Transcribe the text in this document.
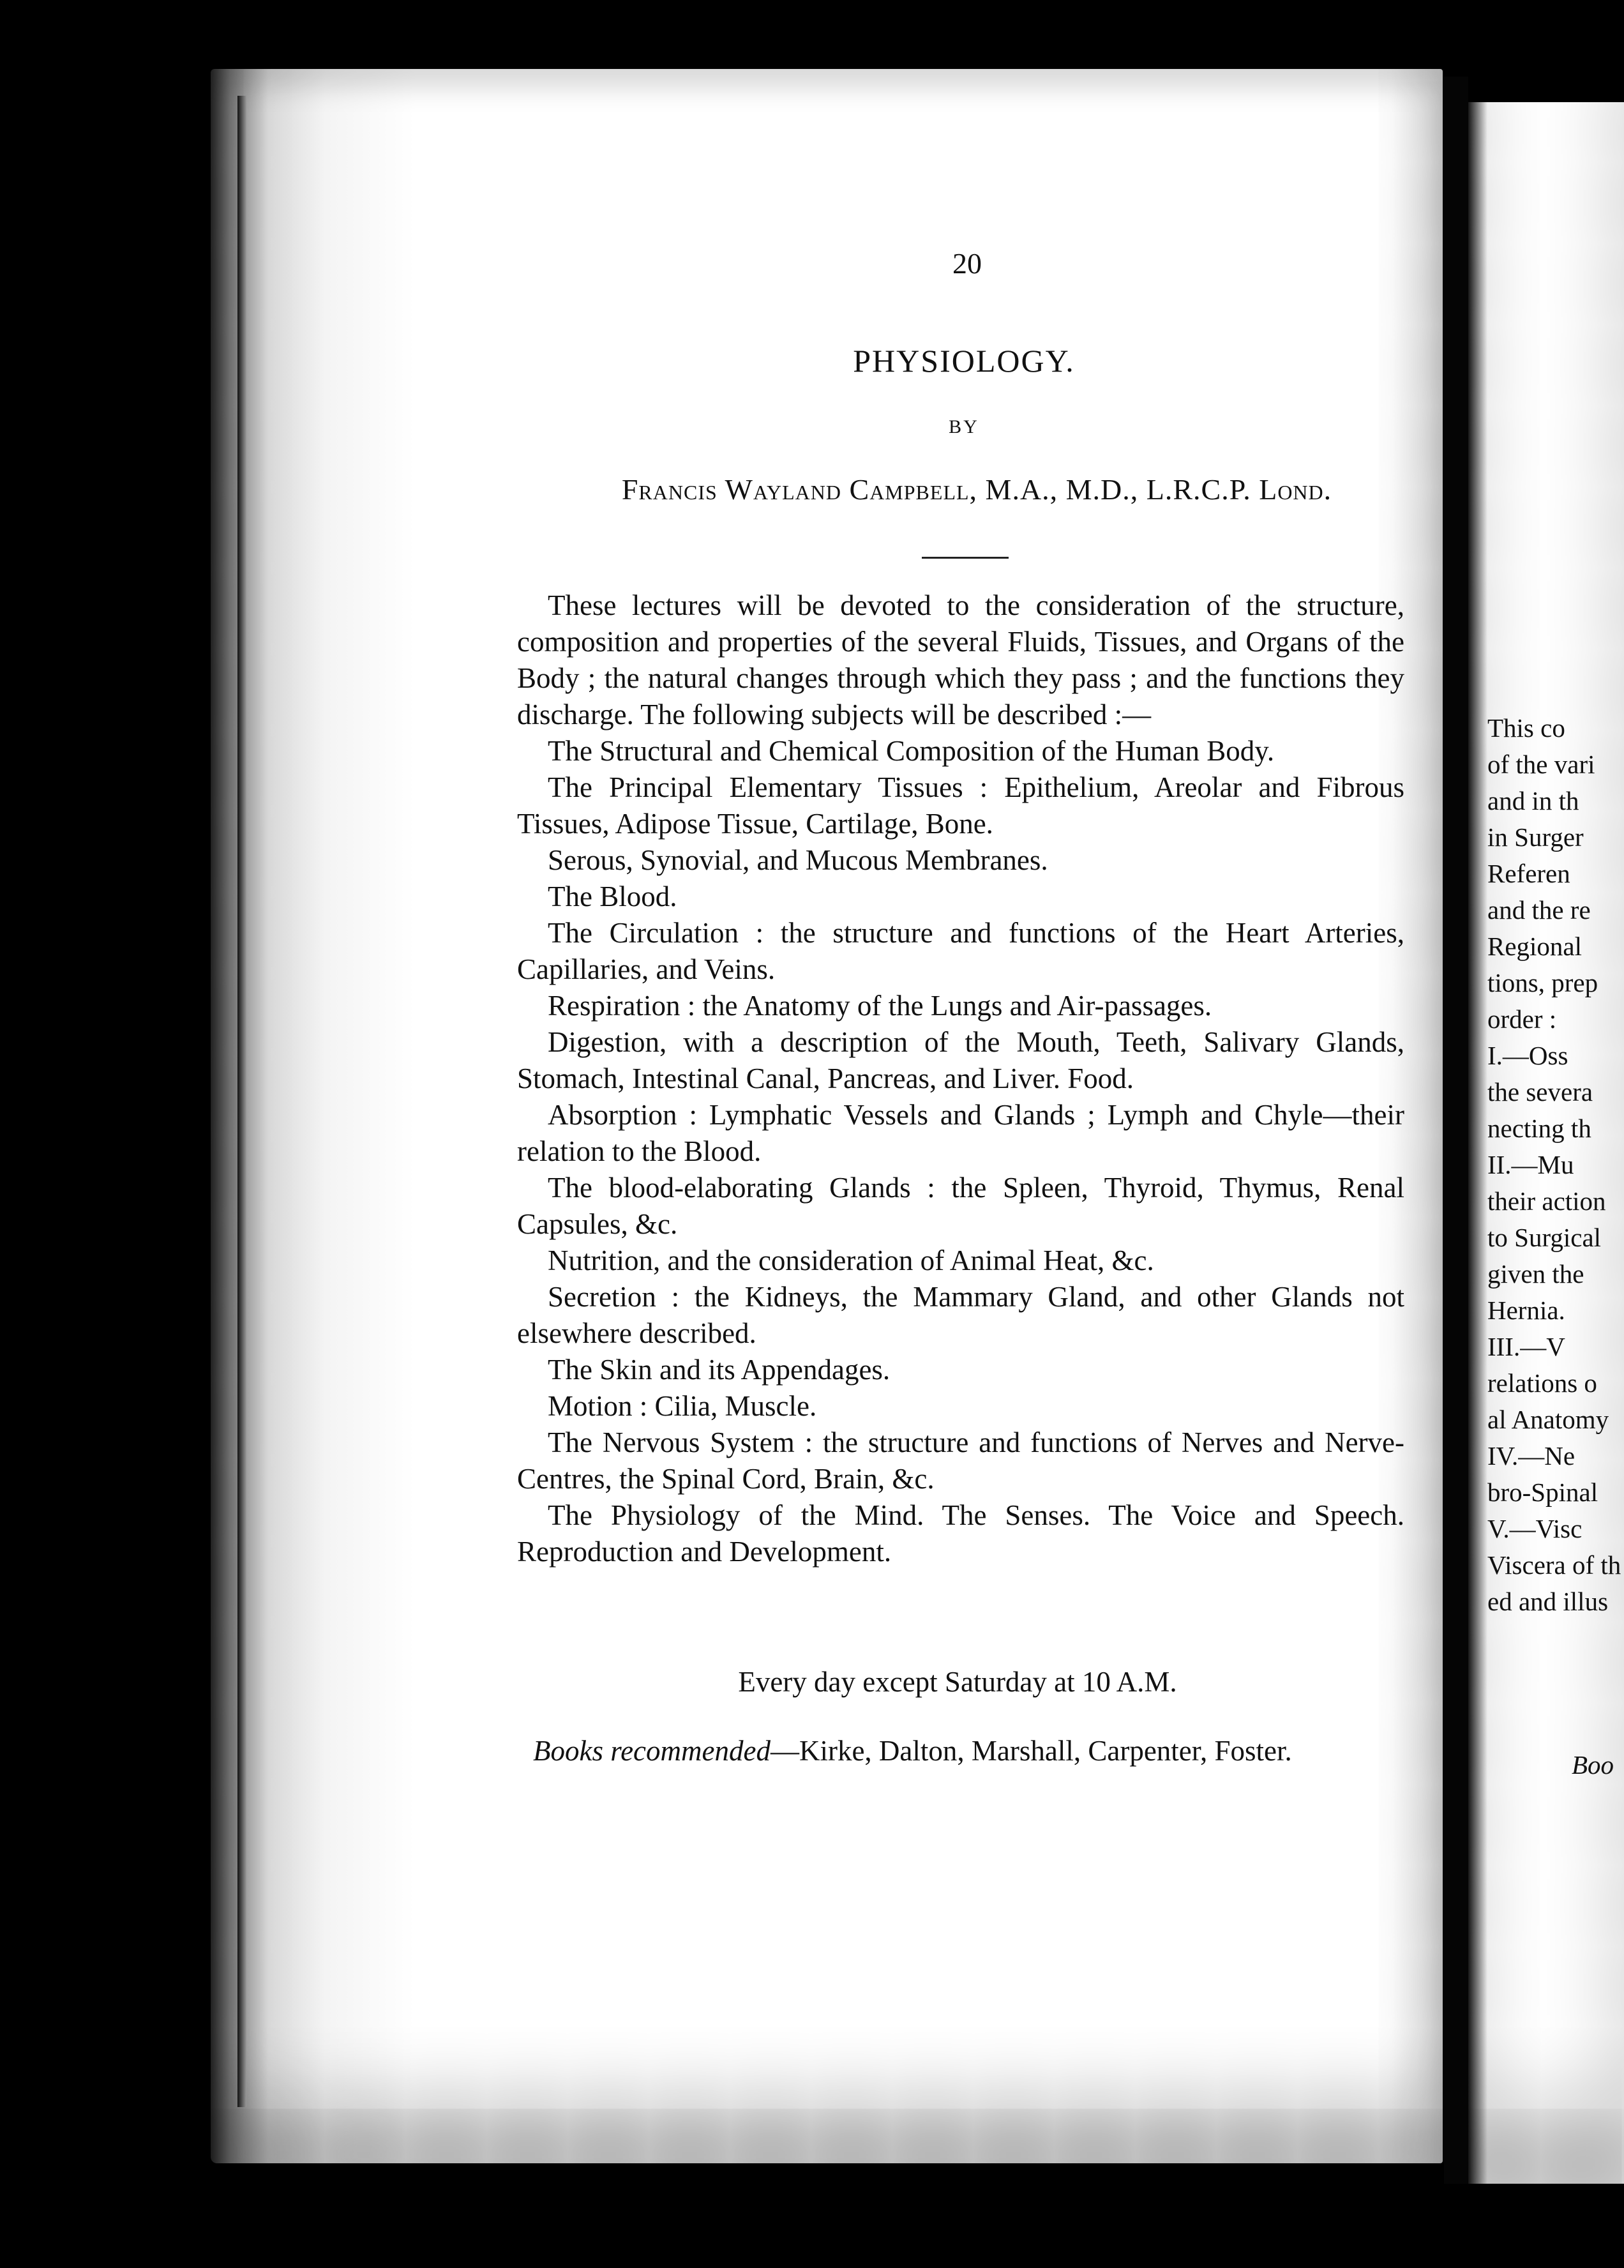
20
PHYSIOLOGY.
BY
Francis Wayland Campbell, M.A., M.D., L.R.C.P. Lond.

These lectures will be devoted to the consideration of the structure, composition and properties of the several Fluids, Tissues, and Organs of the Body ; the natural changes through which they pass ; and the functions they discharge. The following subjects will be described :—

The Structural and Chemical Composition of the Human Body.

The Principal Elementary Tissues : Epithelium, Areolar and Fibrous Tissues, Adipose Tissue, Cartilage, Bone.

Serous, Synovial, and Mucous Membranes.

The Blood.

The Circulation : the structure and functions of the Heart Arteries, Capillaries, and Veins.

Respiration : the Anatomy of the Lungs and Air-passages.

Digestion, with a description of the Mouth, Teeth, Salivary Glands, Stomach, Intestinal Canal, Pancreas, and Liver. Food.

Absorption : Lymphatic Vessels and Glands ; Lymph and Chyle—their relation to the Blood.

The blood-elaborating Glands : the Spleen, Thyroid, Thymus, Renal Capsules, &c.

Nutrition, and the consideration of Animal Heat, &c.

Secretion : the Kidneys, the Mammary Gland, and other Glands not elsewhere described.

The Skin and its Appendages.

Motion : Cilia, Muscle.

The Nervous System : the structure and functions of Nerves and Nerve-Centres, the Spinal Cord, Brain, &c.

The Physiology of the Mind. The Senses. The Voice and Speech. Reproduction and Development.

Every day except Saturday at 10 A.M.
Books recommended—Kirke, Dalton, Marshall, Carpenter, Foster.
This co
of the vari
and in th
in Surger
Referen
and the re
Regional
tions, prep
order :
I.—Oss
the severa
necting th
II.—Mu
their action
to Surgical
given the
Hernia.
III.—V
relations o
al Anatomy
IV.—Ne
bro-Spinal
V.—Visc
Viscera of th
ed and illus
Boo
